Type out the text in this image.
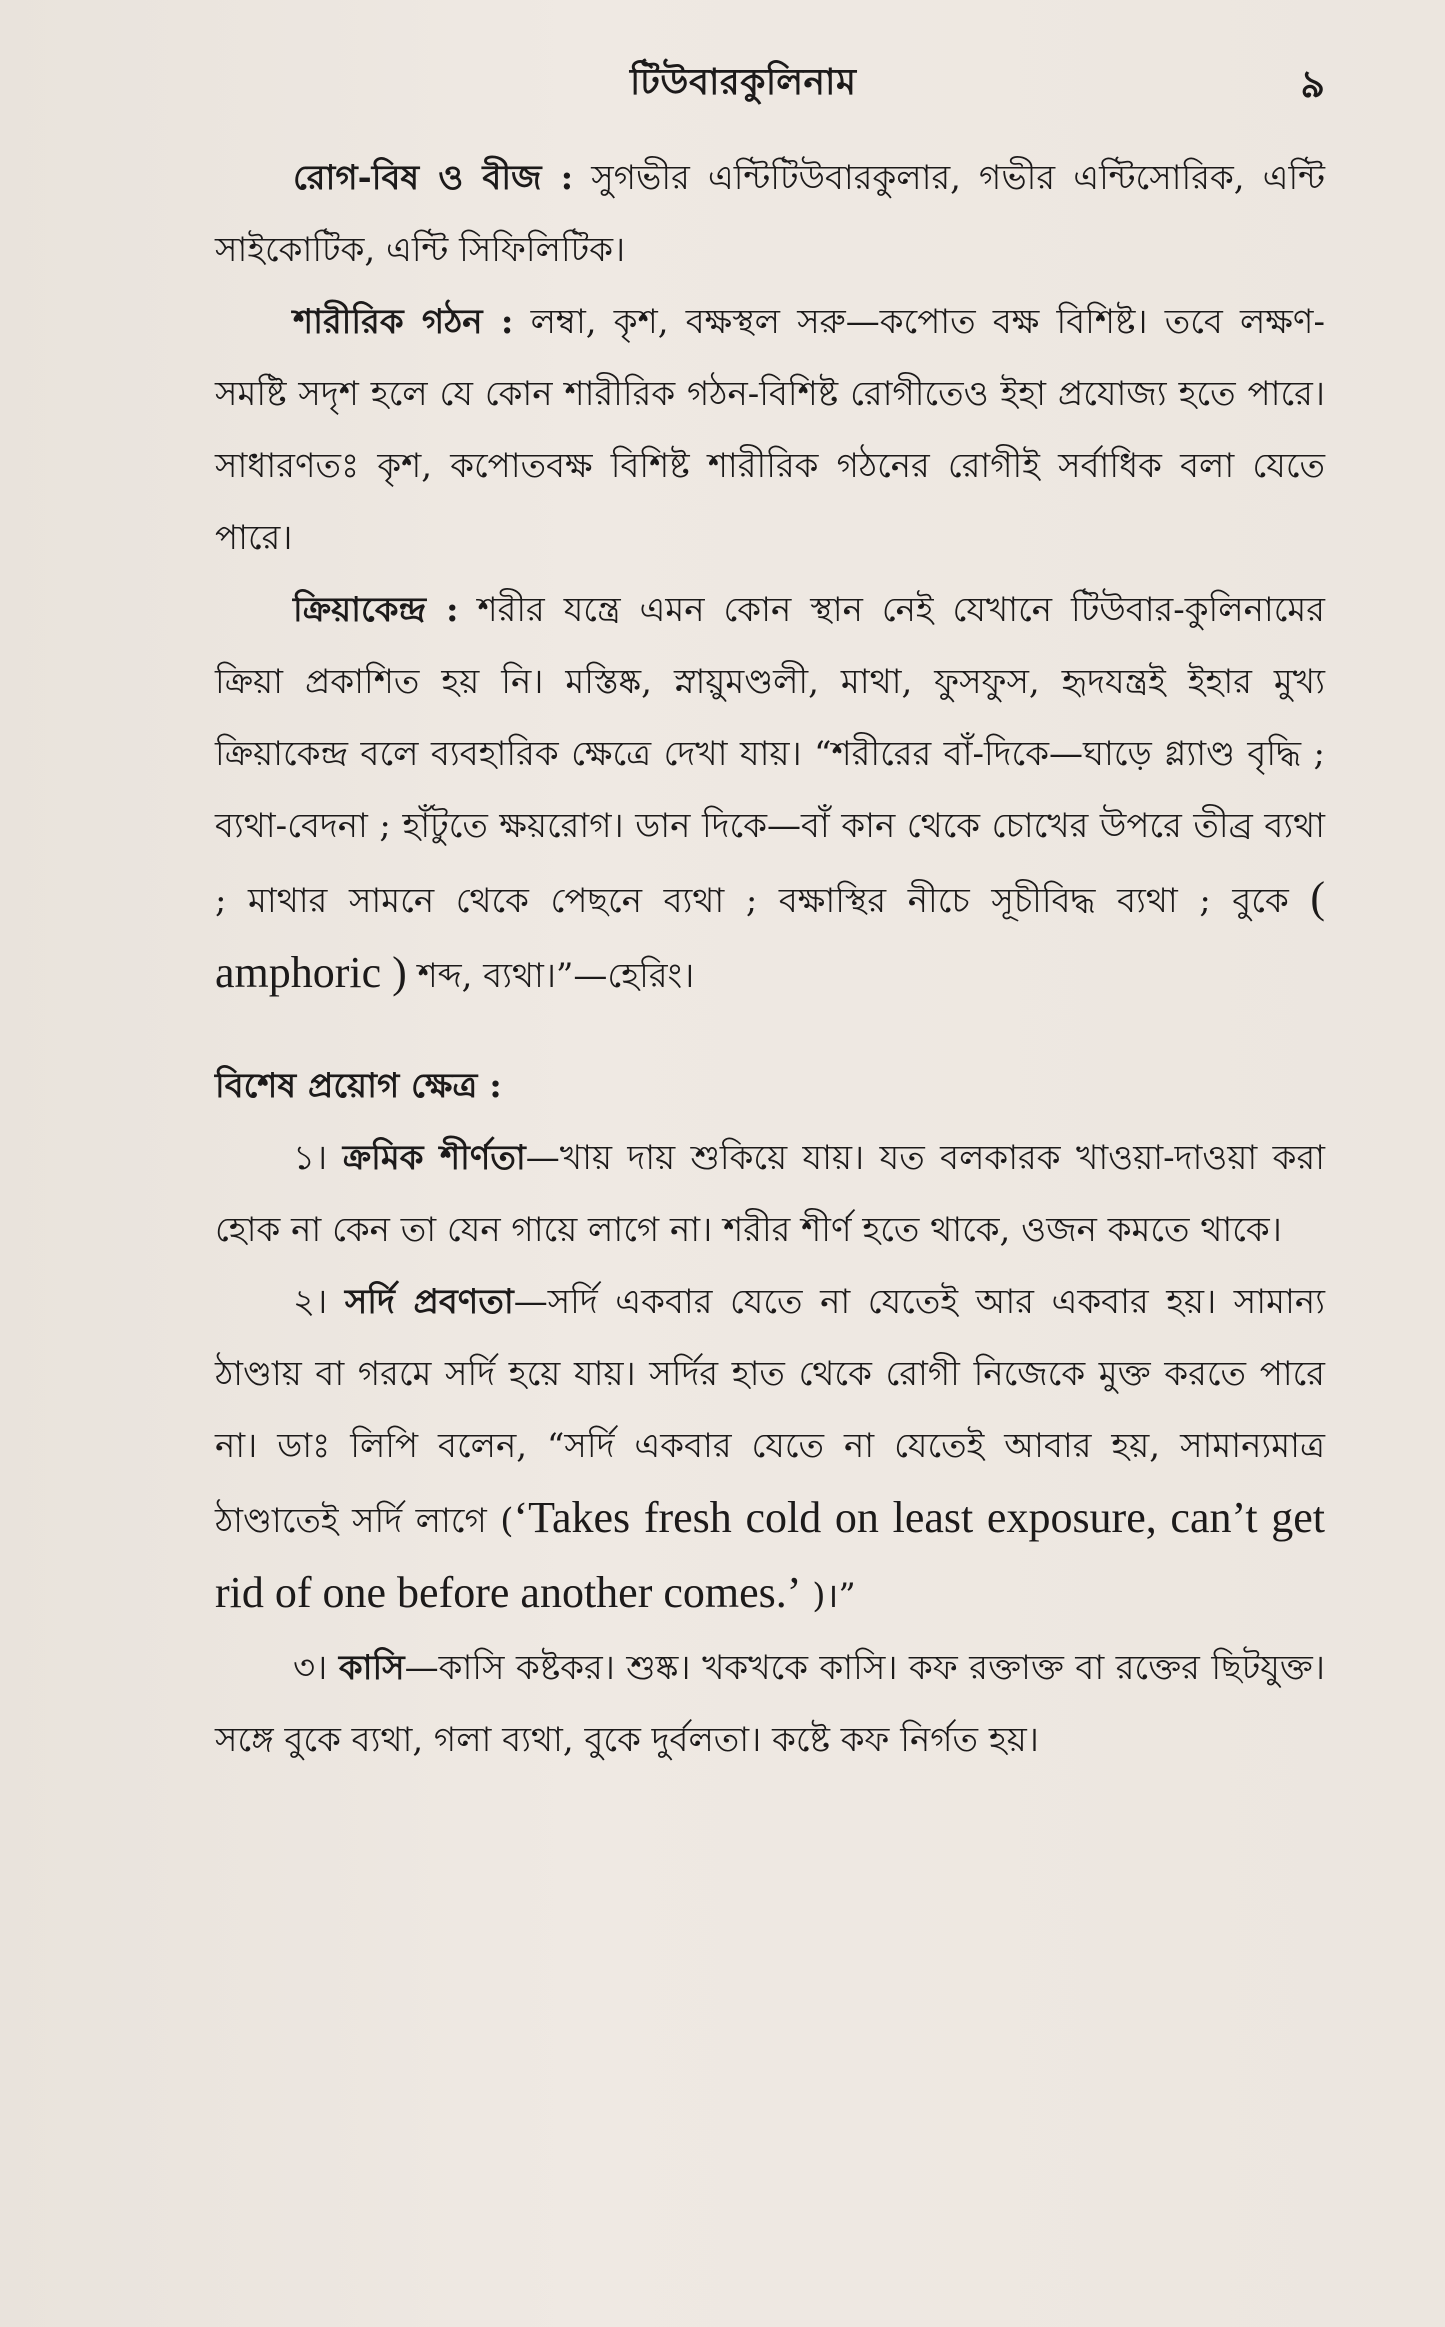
টিউবারকুলিনাম	৯

রোগ-বিষ ও বীজ : সুগভীর এন্টিটিউবারকুলার, গভীর এন্টিসোরিক, এন্টি সাইকোটিক, এন্টি সিফিলিটিক।

শারীরিক গঠন : লম্বা, কৃশ, বক্ষস্থল সরু—কপোত বক্ষ বিশিষ্ট। তবে লক্ষণ-সমষ্টি সদৃশ হলে যে কোন শারীরিক গঠন-বিশিষ্ট রোগীতেও ইহা প্রযোজ্য হতে পারে। সাধারণতঃ কৃশ, কপোতবক্ষ বিশিষ্ট শারীরিক গঠনের রোগীই সর্বাধিক বলা যেতে পারে।

ক্রিয়াকেন্দ্র : শরীর যন্ত্রে এমন কোন স্থান নেই যেখানে টিউবার-কুলিনামের ক্রিয়া প্রকাশিত হয় নি। মস্তিষ্ক, স্নায়ুমণ্ডলী, মাথা, ফুসফুস, হৃদযন্ত্রই ইহার মুখ্য ক্রিয়াকেন্দ্র বলে ব্যবহারিক ক্ষেত্রে দেখা যায়। “শরীরের বাঁ-দিকে—ঘাড়ে গ্ল্যাণ্ড বৃদ্ধি ; ব্যথা-বেদনা ; হাঁটুতে ক্ষয়রোগ। ডান দিকে—বাঁ কান থেকে চোখের উপরে তীব্র ব্যথা ; মাথার সামনে থেকে পেছনে ব্যথা ; বক্ষাস্থির নীচে সূচীবিদ্ধ ব্যথা ; বুকে ( amphoric ) শব্দ, ব্যথা।”—হেরিং।

বিশেষ প্রয়োগ ক্ষেত্র :

১। ক্রমিক শীর্ণতা—খায় দায় শুকিয়ে যায়। যত বলকারক খাওয়া-দাওয়া করা হোক না কেন তা যেন গায়ে লাগে না। শরীর শীর্ণ হতে থাকে, ওজন কমতে থাকে।

২। সর্দি প্রবণতা—সর্দি একবার যেতে না যেতেই আর একবার হয়। সামান্য ঠাণ্ডায় বা গরমে সর্দি হয়ে যায়। সর্দির হাত থেকে রোগী নিজেকে মুক্ত করতে পারে না। ডাঃ লিপি বলেন, “সর্দি একবার যেতে না যেতেই আবার হয়, সামান্যমাত্র ঠাণ্ডাতেই সর্দি লাগে (‘Takes fresh cold on least exposure, can’t get rid of one before another comes.’ )।”

৩। কাসি—কাসি কষ্টকর। শুষ্ক। খকখকে কাসি। কফ রক্তাক্ত বা রক্তের ছিটযুক্ত। সঙ্গে বুকে ব্যথা, গলা ব্যথা, বুকে দুর্বলতা। কষ্টে কফ নির্গত হয়।
